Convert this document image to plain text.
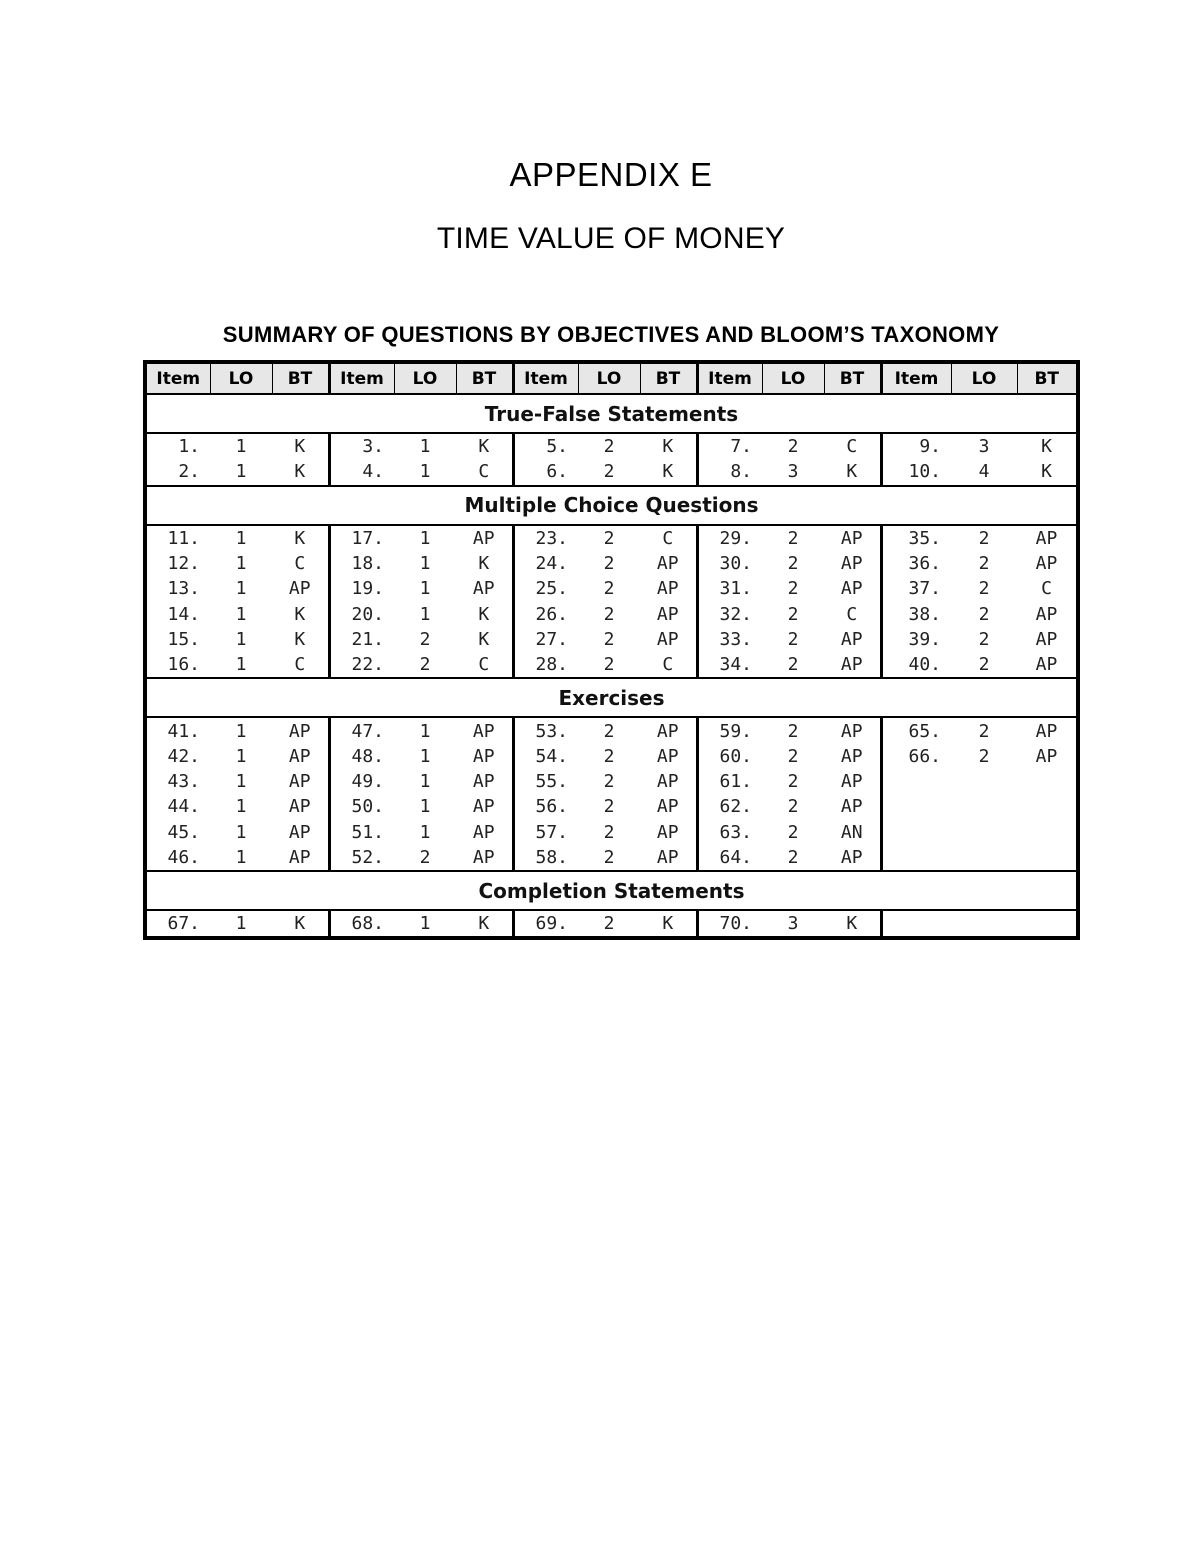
APPENDIX E
TIME VALUE OF MONEY
SUMMARY OF QUESTIONS BY OBJECTIVES AND BLOOM’S TAXONOMY
Item	LO	BT	Item	LO	BT	Item	LO	BT	Item	LO	BT	Item	LO	BT
True-False Statements														
1.	1	K	3.	1	K	5.	2	K	7.	2	C	9.	3	K
2.	1	K	4.	1	C	6.	2	K	8.	3	K	10.	4	K
Multiple Choice Questions														
11.	1	K	17.	1	AP	23.	2	C	29.	2	AP	35.	2	AP
12.	1	C	18.	1	K	24.	2	AP	30.	2	AP	36.	2	AP
13.	1	AP	19.	1	AP	25.	2	AP	31.	2	AP	37.	2	C
14.	1	K	20.	1	K	26.	2	AP	32.	2	C	38.	2	AP
15.	1	K	21.	2	K	27.	2	AP	33.	2	AP	39.	2	AP
16.	1	C	22.	2	C	28.	2	C	34.	2	AP	40.	2	AP
Exercises														
41.	1	AP	47.	1	AP	53.	2	AP	59.	2	AP	65.	2	AP
42.	1	AP	48.	1	AP	54.	2	AP	60.	2	AP	66.	2	AP
43.	1	AP	49.	1	AP	55.	2	AP	61.	2	AP			
44.	1	AP	50.	1	AP	56.	2	AP	62.	2	AP			
45.	1	AP	51.	1	AP	57.	2	AP	63.	2	AN			
46.	1	AP	52.	2	AP	58.	2	AP	64.	2	AP			
Completion Statements														
67.	1	K	68.	1	K	69.	2	K	70.	3	K			
